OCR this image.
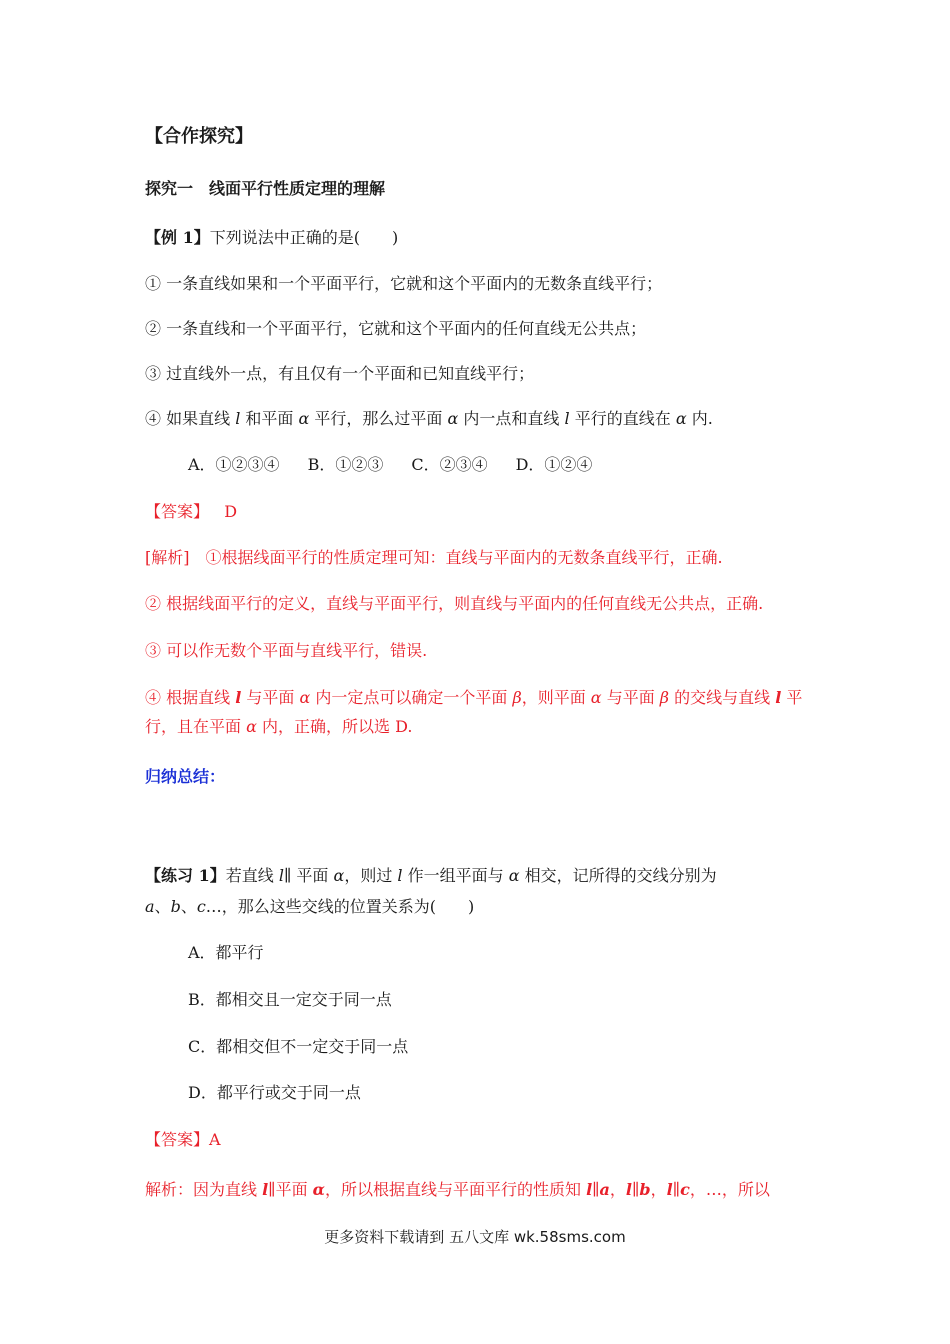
【合作探究】
探究一　线面平行性质定理的理解
【例 1】下列说法中正确的是(　　)
① 一条直线如果和一个平面平行，它就和这个平面内的无数条直线平行；
② 一条直线和一个平面平行，它就和这个平面内的任何直线无公共点；
③ 过直线外一点，有且仅有一个平面和已知直线平行；
④ 如果直线 l 和平面 α 平行，那么过平面 α 内一点和直线 l 平行的直线在 α 内.
A．①②③④ B．①②③ C．②③④ D．①②④
【答案】 D
[解析]　①根据线面平行的性质定理可知：直线与平面内的无数条直线平行，正确.
② 根据线面平行的定义，直线与平面平行，则直线与平面内的任何直线无公共点，正确.
③ 可以作无数个平面与直线平行，错误.
④ 根据直线 l 与平面 α 内一定点可以确定一个平面 β，则平面 α 与平面 β 的交线与直线 l 平
行，且在平面 α 内，正确，所以选 D.
归纳总结：
【练习 1】若直线 l∥ 平面 α，则过 l 作一组平面与 α 相交，记所得的交线分别为
a、b、c…，那么这些交线的位置关系为(　　)
A．都平行
B．都相交且一定交于同一点
C．都相交但不一定交于同一点
D．都平行或交于同一点
【答案】A
解析：因为直线 l∥平面 α，所以根据直线与平面平行的性质知 l∥a，l∥b，l∥c，…，所以
更多资料下载请到 五八文库 wk.58sms.com
